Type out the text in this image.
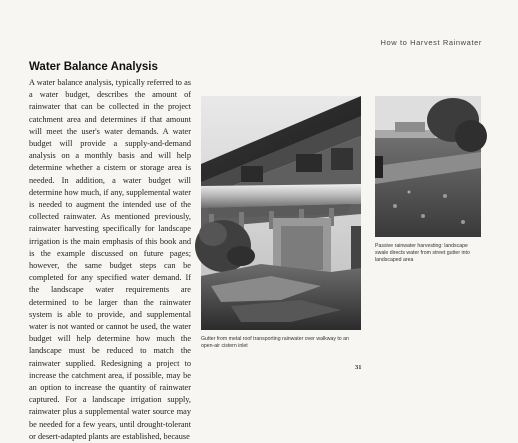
How to Harvest Rainwater
Water Balance Analysis
A water balance analysis, typically referred to as a water budget, describes the amount of rainwater that can be collected in the project catchment area and determines if that amount will meet the user's water demands. A water budget will provide a supply-and-demand analysis on a monthly basis and will help determine whether a cistern or storage area is needed. In addition, a water budget will determine how much, if any, supplemental water is needed to augment the intended use of the collected rainwater. As mentioned previously, rainwater harvesting specifically for landscape irrigation is the main emphasis of this book and is the example discussed on future pages; however, the same budget steps can be completed for any specified water demand. If the landscape water requirements are determined to be larger than the rainwater system is able to provide, and supplemental water is not wanted or cannot be used, the water budget will help determine how much the landscape must be reduced to match the rainwater supplied. Redesigning a project to increase the catchment area, if possible, may be an option to increase the quantity of rainwater captured. For a landscape irrigation supply, rainwater plus a supplemental water source may be needed for a few years, until drought-tolerant or desert-adapted plants are established, because
Gutter from metal roof transporting rainwater over walkway to an open-air cistern inlet
Passive rainwater harvesting: landscape swale directs water from street gutter into landscaped area
31
